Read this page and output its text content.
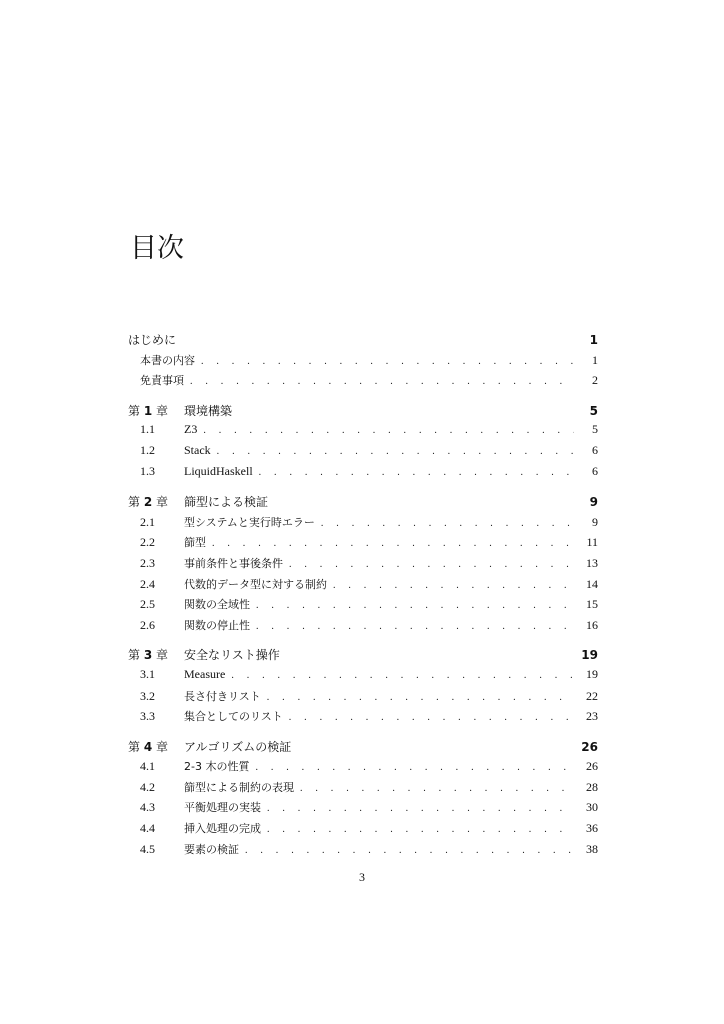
目次
はじめに	1
本書の内容 . . .	1
免責事項 . . .	2
第 1 章	環境構築	5
1.1	Z3 . . .	5
1.2	Stack . . .	6
1.3	LiquidHaskell . . .	6
第 2 章	篩型による検証	9
2.1	型システムと実行時エラー . . .	9
2.2	篩型 . . .	11
2.3	事前条件と事後条件 . . .	13
2.4	代数的データ型に対する制約 . . .	14
2.5	関数の全域性 . . .	15
2.6	関数の停止性 . . .	16
第 3 章	安全なリスト操作	19
3.1	Measure . . .	19
3.2	長さ付きリスト . . .	22
3.3	集合としてのリスト . . .	23
第 4 章	アルゴリズムの検証	26
4.1	2-3 木の性質 . . .	26
4.2	篩型による制約の表現 . . .	28
4.3	平衡処理の実装 . . .	30
4.4	挿入処理の完成 . . .	36
4.5	要素の検証 . . .	38
3
